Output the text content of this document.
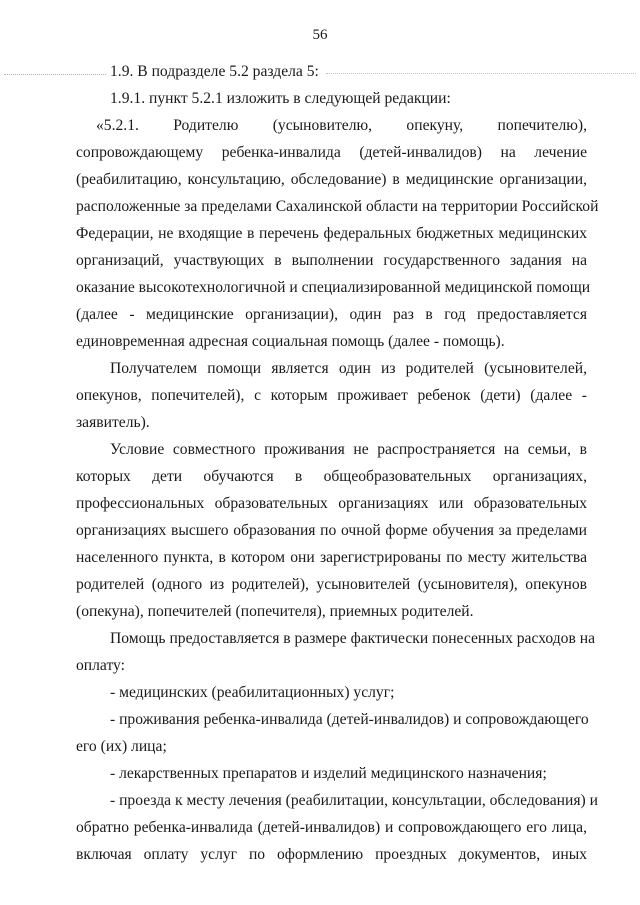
56

1.9. В подразделе 5.2 раздела 5:

1.9.1. пункт 5.2.1 изложить в следующей редакции:

«5.2.1. Родителю (усыновителю, опекуну, попечителю),

сопровождающему ребенка-инвалида (детей-инвалидов) на лечение

(реабилитацию, консультацию, обследование) в медицинские организации,

расположенные за пределами Сахалинской области на территории Российской

Федерации, не входящие в перечень федеральных бюджетных медицинских

организаций, участвующих в выполнении государственного задания на

оказание высокотехнологичной и специализированной медицинской помощи

(далее - медицинские организации), один раз в год предоставляется

единовременная адресная социальная помощь (далее - помощь).

Получателем помощи является один из родителей (усыновителей,

опекунов, попечителей), с которым проживает ребенок (дети) (далее -

заявитель).

Условие совместного проживания не распространяется на семьи, в

которых дети обучаются в общеобразовательных организациях,

профессиональных образовательных организациях или образовательных

организациях высшего образования по очной форме обучения за пределами

населенного пункта, в котором они зарегистрированы по месту жительства

родителей (одного из родителей), усыновителей (усыновителя), опекунов

(опекуна), попечителей (попечителя), приемных родителей.

Помощь предоставляется в размере фактически понесенных расходов на

оплату:

- медицинских (реабилитационных) услуг;

- проживания ребенка-инвалида (детей-инвалидов) и сопровождающего

его (их) лица;

- лекарственных препаратов и изделий медицинского назначения;

- проезда к месту лечения (реабилитации, консультации, обследования) и

обратно ребенка-инвалида (детей-инвалидов) и сопровождающего его лица,

включая оплату услуг по оформлению проездных документов, иных
